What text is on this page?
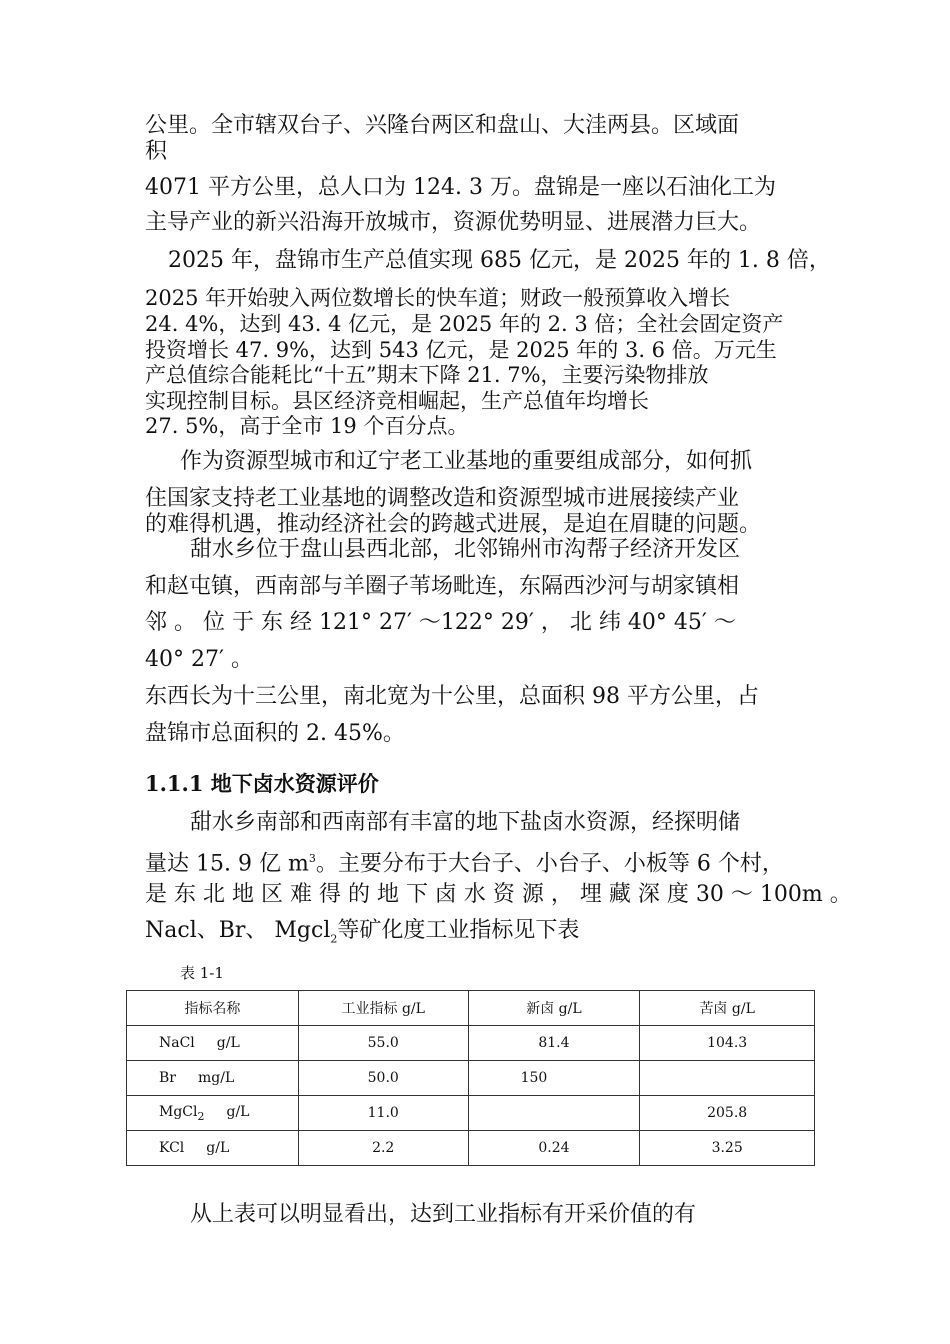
公里。全市辖双台子、兴隆台两区和盘山、大洼两县。区域面
积
4071 平方公里，总人口为 124. 3 万。盘锦是一座以石油化工为
主导产业的新兴沿海开放城市，资源优势明显、进展潜力巨大。
2025 年，盘锦市生产总值实现 685 亿元，是 2025 年的 1. 8 倍，
2025 年开始驶入两位数增长的快车道；财政一般预算收入增长
24. 4%，达到 43. 4 亿元，是 2025 年的 2. 3 倍；全社会固定资产
投资增长 47. 9%，达到 543 亿元，是 2025 年的 3. 6 倍。万元生
产总值综合能耗比“十五”期末下降 21. 7%，主要污染物排放
实现控制目标。县区经济竞相崛起，生产总值年均增长
27. 5%，高于全市 19 个百分点。
作为资源型城市和辽宁老工业基地的重要组成部分，如何抓
住国家支持老工业基地的调整改造和资源型城市进展接续产业
的难得机遇，推动经济社会的跨越式进展，是迫在眉睫的问题。
甜水乡位于盘山县西北部，北邻锦州市沟帮子经济开发区
和赵屯镇，西南部与羊圈子苇场毗连，东隔西沙河与胡家镇相
邻 。 位 于 东 经 121° 27′ ～122° 29′ ， 北 纬 40° 45′ ～
40° 27′ 。
东西长为十三公里，南北宽为十公里，总面积 98 平方公里，占
盘锦市总面积的 2. 45%。
1.1.1 地下卤水资源评价
甜水乡南部和西南部有丰富的地下盐卤水资源，经探明储
量达 15. 9 亿 $m^3$。主要分布于大台子、小台子、小板等 6 个村，
是 东 北 地 区 难 得 的 地 下 卤 水 资 源 ， 埋 藏 深 度 30 ～ 100m 。
Nacl、Br、 Mgcl$_2$等矿化度工业指标见下表
表 1-1
指标名称	工业指标 g/L	新卤 g/L	苦卤 g/L
NaCl g/L	55.0	81.4	104.3
Br mg/L	50.0	150	
MgCl$_2$ g/L	11.0		205.8
KCl g/L	2.2	0.24	3.25
从上表可以明显看出，达到工业指标有开采价值的有
